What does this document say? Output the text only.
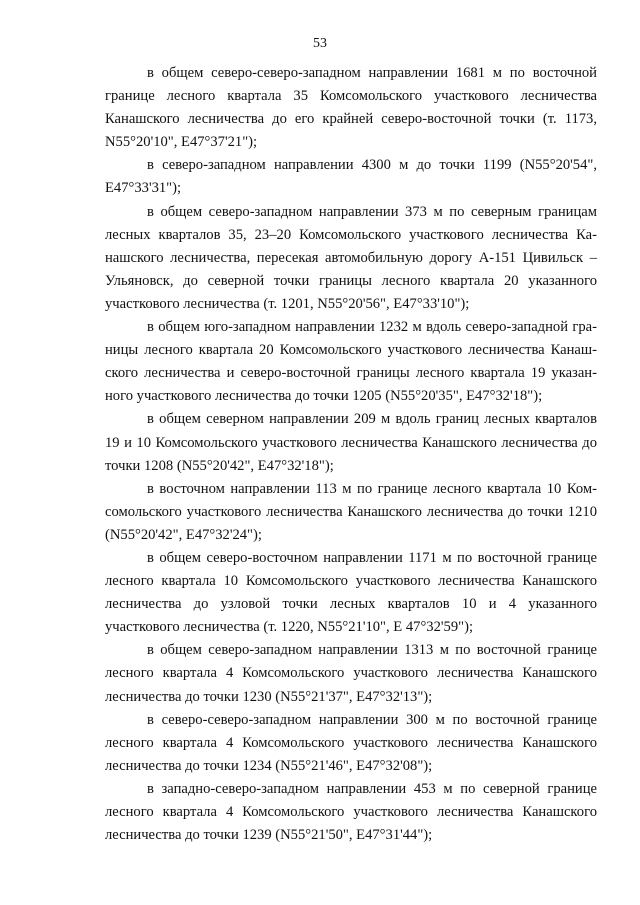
53

в общем северо-северо-западном направлении 1681 м по восточной границе лесного квартала 35 Комсомольского участкового лесничества Канашского лесничества до его крайней северо-восточной точки (т. 1173, N55°20'10", E47°37'21");

в северо-западном направлении 4300 м до точки 1199 (N55°20'54", E47°33'31");

в общем северо-западном направлении 373 м по северным границам лесных кварталов 35, 23–20 Комсомольского участкового лесничества Канашского лесничества, пересекая автомобильную дорогу А-151 Цивильск – Ульяновск, до северной точки границы лесного квартала 20 указанного участкового лесничества (т. 1201, N55°20'56", E47°33'10");

в общем юго-западном направлении 1232 м вдоль северо-западной границы лесного квартала 20 Комсомольского участкового лесничества Канашского лесничества и северо-восточной границы лесного квартала 19 указанного участкового лесничества до точки 1205 (N55°20'35", E47°32'18");

в общем северном направлении 209 м вдоль границ лесных кварталов 19 и 10 Комсомольского участкового лесничества Канашского лесничества до точки 1208 (N55°20'42", E47°32'18");

в восточном направлении 113 м по границе лесного квартала 10 Комсомольского участкового лесничества Канашского лесничества до точки 1210 (N55°20'42", E47°32'24");

в общем северо-восточном направлении 1171 м по восточной границе лесного квартала 10 Комсомольского участкового лесничества Канашского лесничества до узловой точки лесных кварталов 10 и 4 указанного участкового лесничества (т. 1220, N55°21'10", E 47°32'59");

в общем северо-западном направлении 1313 м по восточной границе лесного квартала 4 Комсомольского участкового лесничества Канашского лесничества до точки 1230 (N55°21'37", E47°32'13");

в северо-северо-западном направлении 300 м по восточной границе лесного квартала 4 Комсомольского участкового лесничества Канашского лесничества до точки 1234 (N55°21'46", E47°32'08");

в западно-северо-западном направлении 453 м по северной границе лесного квартала 4 Комсомольского участкового лесничества Канашского лесничества до точки 1239 (N55°21'50", E47°31'44");
